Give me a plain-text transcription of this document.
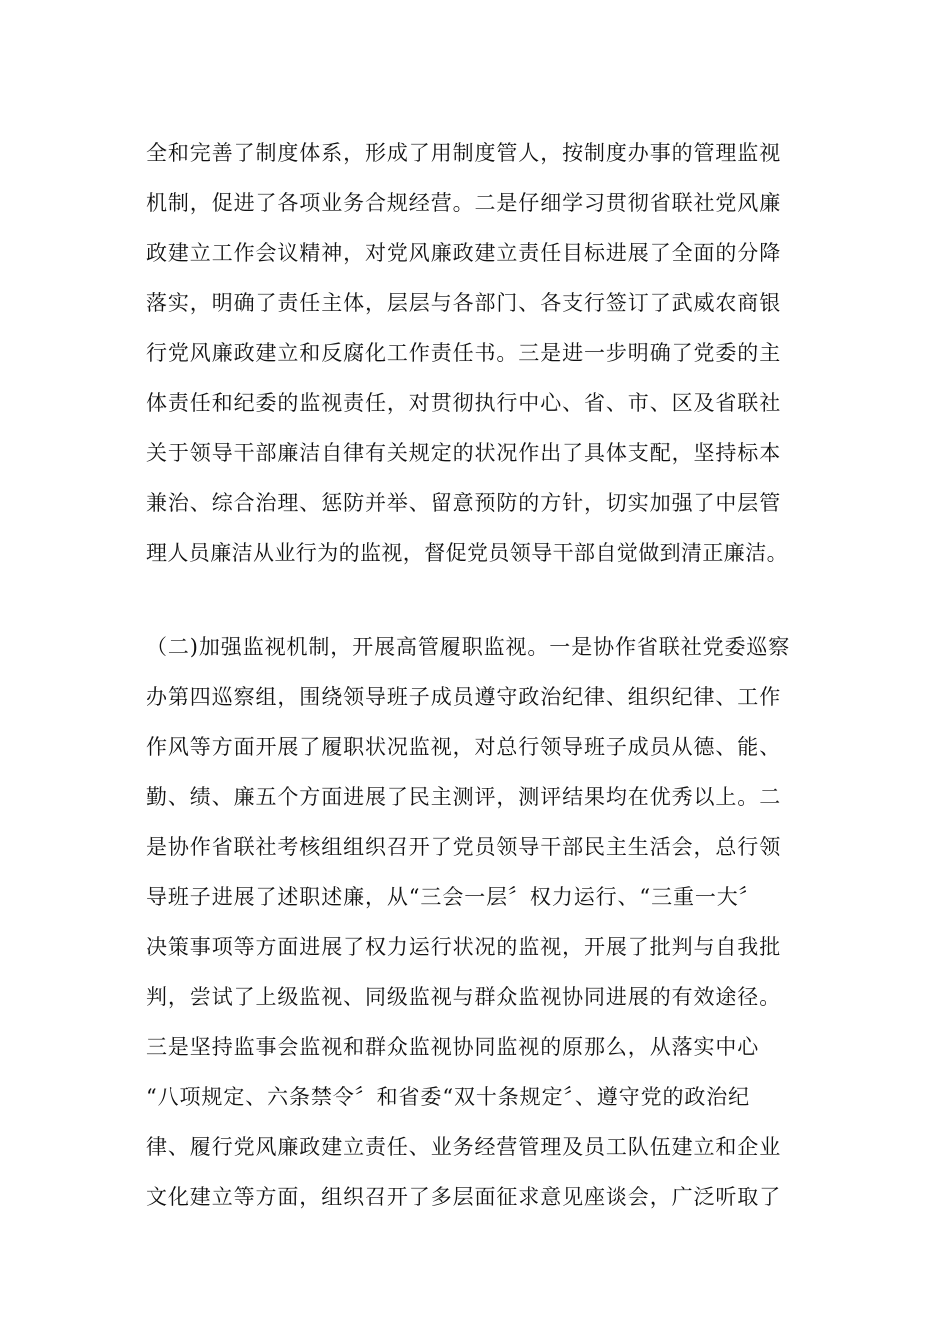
全和完善了制度体系，形成了用制度管人，按制度办事的管理监视
机制，促进了各项业务合规经营。二是仔细学习贯彻省联社党风廉
政建立工作会议精神，对党风廉政建立责任目标进展了全面的分降
落实，明确了责任主体，层层与各部门、各支行签订了武威农商银
行党风廉政建立和反腐化工作责任书。三是进一步明确了党委的主
体责任和纪委的监视责任，对贯彻执行中心、省、市、区及省联社
关于领导干部廉洁自律有关规定的状况作出了具体支配，坚持标本
兼治、综合治理、惩防并举、留意预防的方针，切实加强了中层管
理人员廉洁从业行为的监视，督促党员领导干部自觉做到清正廉洁。
（二)加强监视机制，开展高管履职监视。一是协作省联社党委巡察
办第四巡察组，围绕领导班子成员遵守政治纪律、组织纪律、工作
作风等方面开展了履职状况监视，对总行领导班子成员从德、能、
勤、绩、廉五个方面进展了民主测评，测评结果均在优秀以上。二
是协作省联社考核组组织召开了党员领导干部民主生活会，总行领
导班子进展了述职述廉，从“三会一层〞权力运行、“三重一大〞
决策事项等方面进展了权力运行状况的监视，开展了批判与自我批
判，尝试了上级监视、同级监视与群众监视协同进展的有效途径。
三是坚持监事会监视和群众监视协同监视的原那么，从落实中心
“八项规定、六条禁令〞和省委“双十条规定〞、遵守党的政治纪
律、履行党风廉政建立责任、业务经营管理及员工队伍建立和企业
文化建立等方面，组织召开了多层面征求意见座谈会，广泛听取了
